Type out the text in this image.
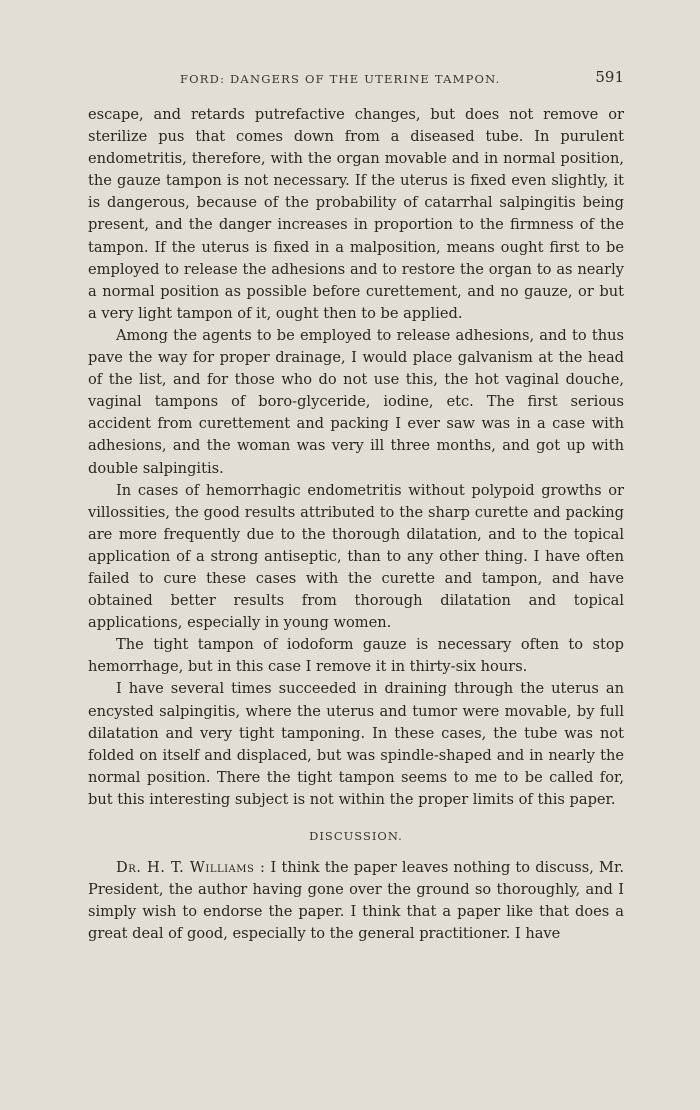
FORD: DANGERS OF THE UTERINE TAMPON.	591

escape, and retards putrefactive changes, but does not remove or sterilize pus that comes down from a diseased tube. In purulent endometritis, therefore, with the organ movable and in normal position, the gauze tampon is not necessary. If the uterus is fixed even slightly, it is dangerous, because of the probability of catarrhal salpingitis being present, and the danger increases in proportion to the firmness of the tampon. If the uterus is fixed in a malposition, means ought first to be employed to release the adhesions and to restore the organ to as nearly a normal position as possible before curettement, and no gauze, or but a very light tampon of it, ought then to be applied.

Among the agents to be employed to release adhesions, and to thus pave the way for proper drainage, I would place galvanism at the head of the list, and for those who do not use this, the hot vaginal douche, vaginal tampons of boro-glyceride, iodine, etc. The first serious accident from curettement and packing I ever saw was in a case with adhesions, and the woman was very ill three months, and got up with double salpingitis.

In cases of hemorrhagic endometritis without polypoid growths or villossities, the good results attributed to the sharp curette and packing are more frequently due to the thorough dilatation, and to the topical application of a strong antiseptic, than to any other thing. I have often failed to cure these cases with the curette and tampon, and have obtained better results from thorough dilatation and topical applications, especially in young women.

The tight tampon of iodoform gauze is necessary often to stop hemorrhage, but in this case I remove it in thirty-six hours.

I have several times succeeded in draining through the uterus an encysted salpingitis, where the uterus and tumor were movable, by full dilatation and very tight tamponing. In these cases, the tube was not folded on itself and displaced, but was spindle-shaped and in nearly the normal position. There the tight tampon seems to me to be called for, but this interesting subject is not within the proper limits of this paper.

DISCUSSION.

Dr. H. T. Williams : I think the paper leaves nothing to discuss, Mr. President, the author having gone over the ground so thoroughly, and I simply wish to endorse the paper. I think that a paper like that does a great deal of good, especially to the general practitioner. I have
